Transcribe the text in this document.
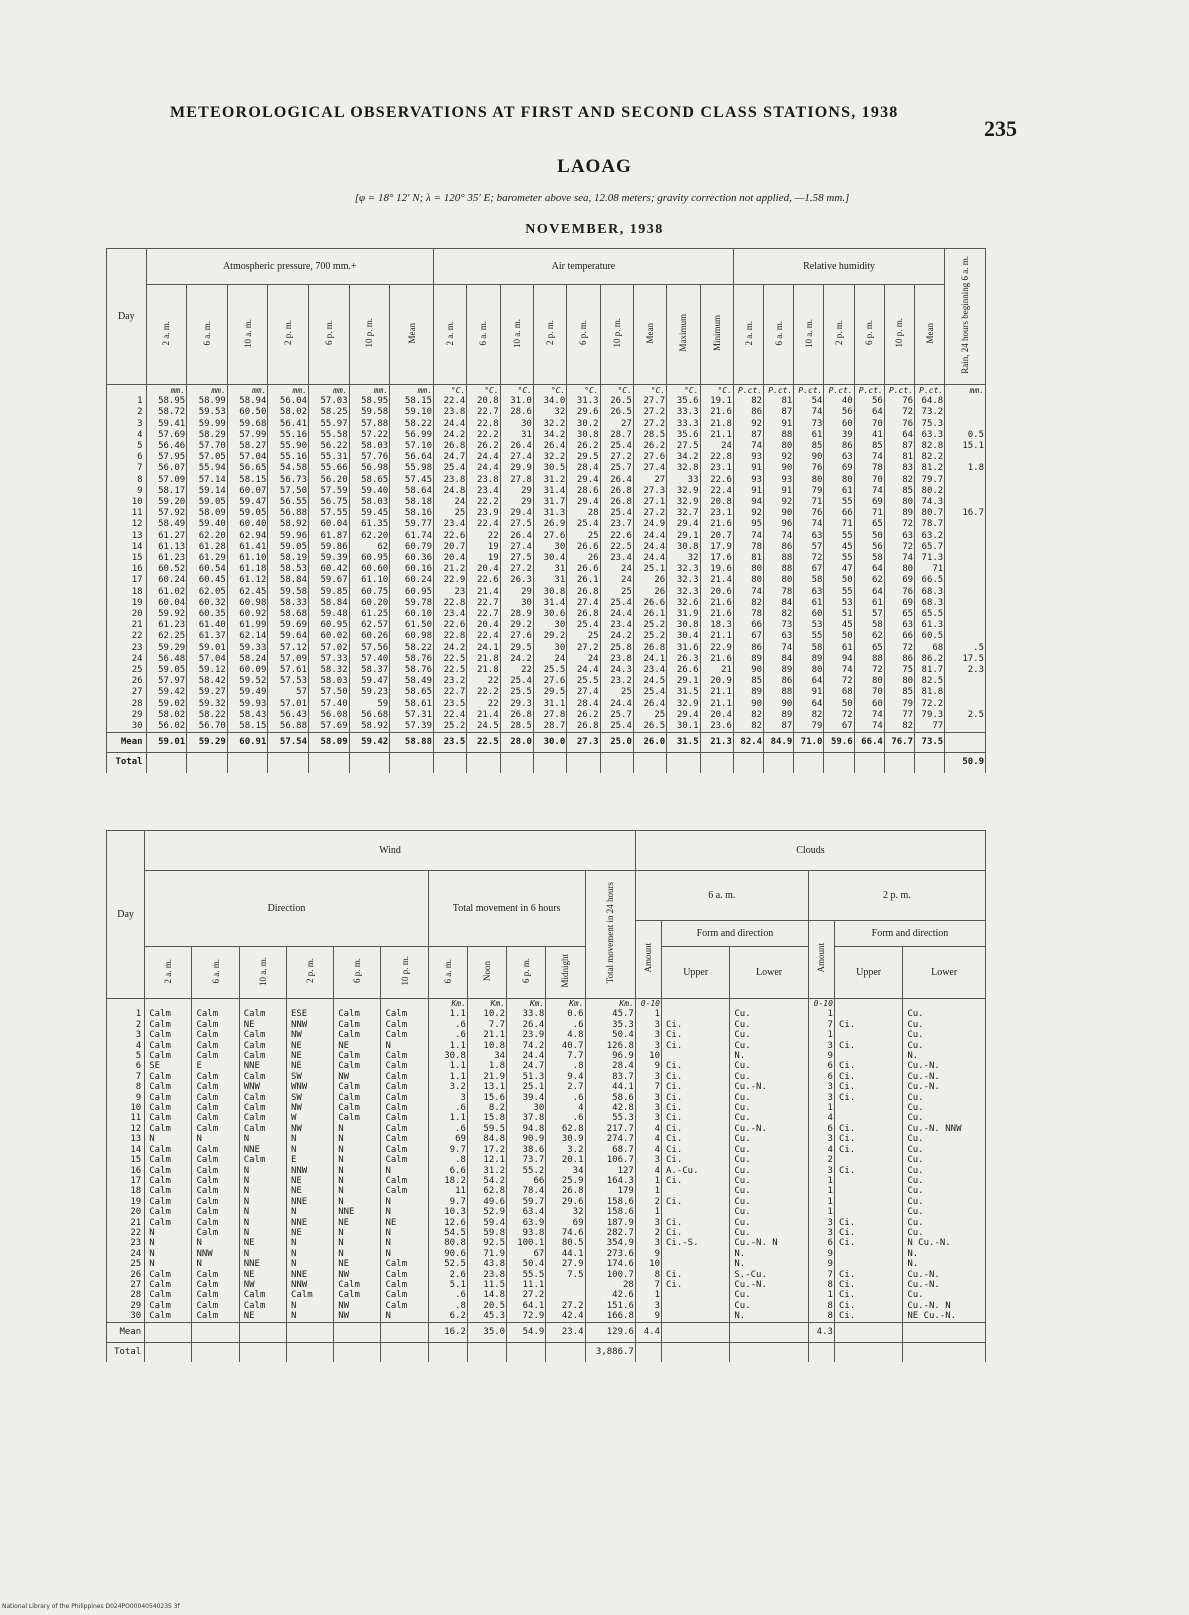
METEOROLOGICAL OBSERVATIONS AT FIRST AND SECOND CLASS STATIONS, 1938
235
LAOAG
[φ = 18° 12′ N; λ = 120° 35′ E; barometer above sea, 12.08 meters; gravity correction not applied, —1.58 mm.]
NOVEMBER, 1938
Day	Atmospheric pressure, 700 mm.+							Air temperature									Relative humidity							Rain, 24 hours beginning 6 a. m.
	2 a. m.	6 a. m.	10 a. m.	2 p. m.	6 p. m.	10 p. m.	Mean	2 a. m.	6 a. m.	10 a. m.	2 p. m.	6 p. m.	10 p. m.	Mean	Maximum	Minimum	2 a. m.	6 a. m.	10 a. m.	2 p. m.	6 p. m.	10 p. m.	Mean	
	mm.	mm.	mm.	mm.	mm.	mm.	mm.	°C.	°C.	°C.	°C.	°C.	°C.	°C.	°C.	°C.	P.ct.	P.ct.	P.ct.	P.ct.	P.ct.	P.ct.	P.ct.	mm.
1	58.95	58.99	58.94	56.04	57.03	58.95	58.15	22.4	20.8	31.0	34.0	31.3	26.5	27.7	35.6	19.1	82	81	54	40	56	76	64.8	
2	58.72	59.53	60.50	58.02	58.25	59.58	59.10	23.8	22.7	28.6	32	29.6	26.5	27.2	33.3	21.6	86	87	74	56	64	72	73.2	
3	59.41	59.99	59.68	56.41	55.97	57.88	58.22	24.4	22.8	30	32.2	30.2	27	27.2	33.3	21.8	92	91	73	60	70	76	75.3	
4	57.69	58.29	57.99	55.16	55.58	57.22	56.99	24.2	22.2	31	34.2	30.8	28.7	28.5	35.6	21.1	87	88	61	39	41	64	63.3	0.5
5	56.46	57.70	58.27	55.90	56.22	58.03	57.10	26.8	26.2	26.4	26.4	26.2	25.4	26.2	27.5	24	74	80	85	86	85	87	82.8	15.1
6	57.95	57.05	57.04	55.16	55.31	57.76	56.64	24.7	24.4	27.4	32.2	29.5	27.2	27.6	34.2	22.8	93	92	90	63	74	81	82.2	
7	56.07	55.94	56.65	54.58	55.66	56.98	55.98	25.4	24.4	29.9	30.5	28.4	25.7	27.4	32.8	23.1	91	90	76	69	78	83	81.2	1.8
8	57.09	57.14	58.15	56.73	56.20	58.65	57.45	23.8	23.8	27.8	31.2	29.4	26.4	27	33	22.6	93	93	80	80	70	82	79.7	
9	58.17	59.14	60.07	57.50	57.59	59.40	58.64	24.8	23.4	29	31.4	28.6	26.8	27.3	32.9	22.4	91	91	79	61	74	85	80.2	
10	59.20	59.05	59.47	56.55	56.75	58.03	58.18	24	22.2	29	31.7	29.4	26.8	27.1	32.9	20.8	94	92	71	55	69	80	74.3	
11	57.92	58.09	59.05	56.88	57.55	59.45	58.16	25	23.9	29.4	31.3	28	25.4	27.2	32.7	23.1	92	90	76	66	71	89	80.7	16.7
12	58.49	59.40	60.40	58.92	60.04	61.35	59.77	23.4	22.4	27.5	26.9	25.4	23.7	24.9	29.4	21.6	95	96	74	71	65	72	78.7	
13	61.27	62.20	62.94	59.96	61.87	62.20	61.74	22.6	22	26.4	27.6	25	22.6	24.4	29.1	20.7	74	74	63	55	50	63	63.2	
14	61.13	61.28	61.41	59.05	59.86	62	60.79	20.7	19	27.4	30	26.6	22.5	24.4	30.8	17.9	78	86	57	45	56	72	65.7	
15	61.23	61.29	61.10	58.19	59.39	60.95	60.36	20.4	19	27.5	30.4	26	23.4	24.4	32	17.6	81	88	72	55	58	74	71.3	
16	60.52	60.54	61.18	58.53	60.42	60.60	60.16	21.2	20.4	27.2	31	26.6	24	25.1	32.3	19.6	80	88	67	47	64	80	71	
17	60.24	60.45	61.12	58.84	59.67	61.10	60.24	22.9	22.6	26.3	31	26.1	24	26	32.3	21.4	80	80	58	50	62	69	66.5	
18	61.02	62.05	62.45	59.58	59.85	60.75	60.95	23	21.4	29	30.8	26.8	25	26	32.3	20.6	74	78	63	55	64	76	68.3	
19	60.04	60.32	60.98	58.33	58.84	60.20	59.78	22.8	22.7	30	31.4	27.4	25.4	26.6	32.6	21.6	82	84	61	53	61	69	68.3	
20	59.92	60.35	60.92	58.68	59.48	61.25	60.10	23.4	22.7	28.9	30.6	26.8	24.4	26.1	31.9	21.6	78	82	60	51	57	65	65.5	
21	61.23	61.40	61.99	59.69	60.95	62.57	61.50	22.6	20.4	29.2	30	25.4	23.4	25.2	30.8	18.3	66	73	53	45	58	63	61.3	
22	62.25	61.37	62.14	59.64	60.02	60.26	60.98	22.8	22.4	27.6	29.2	25	24.2	25.2	30.4	21.1	67	63	55	50	62	66	60.5	
23	59.29	59.01	59.33	57.12	57.02	57.56	58.22	24.2	24.1	29.5	30	27.2	25.8	26.8	31.6	22.9	86	74	58	61	65	72	68	.5
24	56.48	57.04	58.24	57.09	57.33	57.40	58.76	22.5	21.8	24.2	24	24	23.8	24.1	26.3	21.6	89	84	89	94	88	86	86.2	17.5
25	59.05	59.12	60.09	57.61	58.32	58.37	58.76	22.5	21.8	22	25.5	24.4	24.3	23.4	26.6	21	90	89	80	74	72	75	81.7	2.3
26	57.97	58.42	59.52	57.53	58.03	59.47	58.49	23.2	22	25.4	27.6	25.5	23.2	24.5	29.1	20.9	85	86	64	72	80	80	82.5	
27	59.42	59.27	59.49	57	57.50	59.23	58.65	22.7	22.2	25.5	29.5	27.4	25	25.4	31.5	21.1	89	88	91	68	70	85	81.8	
28	59.02	59.32	59.93	57.01	57.40	59	58.61	23.5	22	29.3	31.1	28.4	24.4	26.4	32.9	21.1	90	90	64	50	60	79	72.2	
29	58.02	58.22	58.43	56.43	56.08	56.68	57.31	22.4	21.4	26.8	27.8	26.2	25.7	25	29.4	20.4	82	89	82	72	74	77	79.3	2.5
30	56.02	56.70	58.15	56.88	57.69	58.92	57.39	25.2	24.5	28.5	28.7	26.8	25.4	26.5	30.1	23.6	82	87	79	67	74	82	77	
Mean	59.01	59.29	60.91	57.54	58.09	59.42	58.88	23.5	22.5	28.0	30.0	27.3	25.0	26.0	31.5	21.3	82.4	84.9	71.0	59.6	66.4	76.7	73.5	
Total																								50.9
Day	Wind											Clouds					
	Direction						Total movement in 6 hours				Total movement in 24 hours	6 a. m.			2 p. m.		
												Amount	Form and direction		Amount	Form and direction	
	2 a. m.	6 a. m.	10 a. m.	2 p. m.	6 p. m.	10 p. m.	6 a. m.	Noon	6 p. m.	Midnight			Upper	Lower		Upper	Lower
							Km.	Km.	Km.	Km.	Km.	0-10			0-10		
1	Calm	Calm	Calm	ESE	Calm	Calm	1.1	10.2	33.8	0.6	45.7	1		Cu.	1		Cu.
2	Calm	Calm	NE	NNW	Calm	Calm	.6	7.7	26.4	.6	35.3	3	Ci.	Cu.	7	Ci.	Cu.
3	Calm	Calm	Calm	NW	Calm	Calm	.6	21.1	23.9	4.8	50.4	3	Ci.	Cu.	1		Cu.
4	Calm	Calm	Calm	NE	NE	N	1.1	10.8	74.2	40.7	126.8	3	Ci.	Cu.	3	Ci.	Cu.
5	Calm	Calm	Calm	NE	Calm	Calm	30.8	34	24.4	7.7	96.9	10		N.	9		N.
6	SE	E	NNE	NE	Calm	Calm	1.1	1.8	24.7	.8	28.4	9	Ci.	Cu.	6	Ci.	Cu.-N.
7	Calm	Calm	Calm	SW	NW	Calm	1.1	21.9	51.3	9.4	83.7	3	Ci.	Cu.	6	Ci.	Cu.-N.
8	Calm	Calm	WNW	WNW	Calm	Calm	3.2	13.1	25.1	2.7	44.1	7	Ci.	Cu.-N.	3	Ci.	Cu.-N.
9	Calm	Calm	Calm	SW	Calm	Calm	3	15.6	39.4	.6	58.6	3	Ci.	Cu.	3	Ci.	Cu.
10	Calm	Calm	Calm	NW	Calm	Calm	.6	8.2	30	4	42.8	3	Ci.	Cu.	1		Cu.
11	Calm	Calm	Calm	W	Calm	Calm	1.1	15.8	37.8	.6	55.3	3	Ci.	Cu.	4		Cu.
12	Calm	Calm	Calm	NW	N	Calm	.6	59.5	94.8	62.8	217.7	4	Ci.	Cu.-N.	6	Ci.	Cu.-N. NNW
13	N	N	N	N	N	Calm	69	84.8	90.9	30.9	274.7	4	Ci.	Cu.	3	Ci.	Cu.
14	Calm	Calm	NNE	N	N	Calm	9.7	17.2	38.6	3.2	68.7	4	Ci.	Cu.	4	Ci.	Cu.
15	Calm	Calm	Calm	E	N	Calm	.8	12.1	73.7	20.1	106.7	3	Ci.	Cu.	2		Cu.
16	Calm	Calm	N	NNW	N	N	6.6	31.2	55.2	34	127	4	A.-Cu.	Cu.	3	Ci.	Cu.
17	Calm	Calm	N	NE	N	Calm	18.2	54.2	66	25.9	164.3	1	Ci.	Cu.	1		Cu.
18	Calm	Calm	N	NE	N	Calm	11	62.8	78.4	26.8	179	1		Cu.	1		Cu.
19	Calm	Calm	N	NNE	N	N	9.7	49.6	59.7	29.6	158.6	2	Ci.	Cu.	1		Cu.
20	Calm	Calm	N	N	NNE	N	10.3	52.9	63.4	32	158.6	1		Cu.	1		Cu.
21	Calm	Calm	N	NNE	NE	NE	12.6	59.4	63.9	69	187.9	3	Ci.	Cu.	3	Ci.	Cu.
22	N	Calm	N	NE	N	N	54.5	59.8	93.8	74.6	282.7	2	Ci.	Cu.	3	Ci.	Cu.
23	N	N	NE	N	N	N	80.8	92.5	100.1	80.5	354.9	3	Ci.-S.	Cu.-N. N	6	Ci.	N Cu.-N.
24	N	NNW	N	N	N	N	90.6	71.9	67	44.1	273.6	9		N.	9		N.
25	N	N	NNE	N	NE	Calm	52.5	43.8	50.4	27.9	174.6	10		N.	9		N.
26	Calm	Calm	NE	NNE	NW	Calm	2.6	23.8	55.5	7.5	100.7	8	Ci.	S.-Cu.	7	Ci.	Cu.-N.
27	Calm	Calm	NW	NNW	Calm	Calm	5.1	11.5	11.1		28	7	Ci.	Cu.-N.	8	Ci.	Cu.-N.
28	Calm	Calm	Calm	Calm	Calm	Calm	.6	14.8	27.2		42.6	1		Cu.	1	Ci.	Cu.
29	Calm	Calm	Calm	N	NW	Calm	.8	20.5	64.1	27.2	151.6	3		Cu.	8	Ci.	Cu.-N. N
30	Calm	Calm	NE	N	NW	N	6.2	45.3	72.9	42.4	166.8	9		N.	8	Ci.	NE Cu.-N.
Mean							16.2	35.0	54.9	23.4	129.6	4.4			4.3		
Total											3,886.7						
National Library of the Philippines D024PO00040540235 3f
